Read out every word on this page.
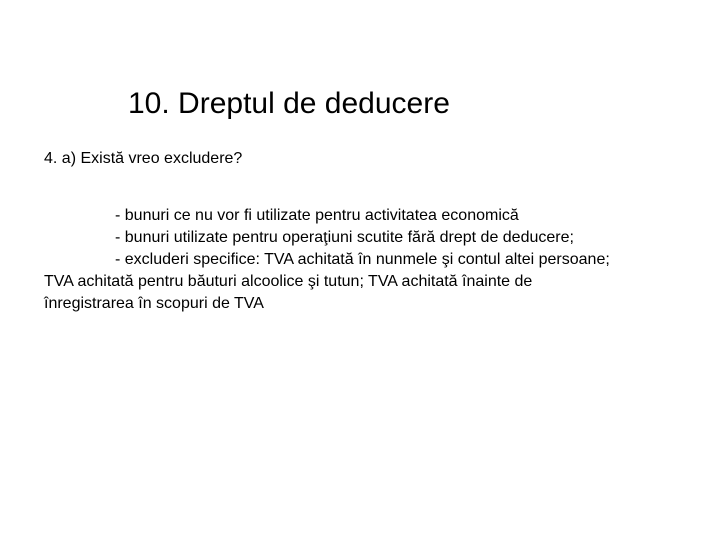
10. Dreptul de deducere
4. a) Există vreo excludere?
- bunuri ce nu vor fi utilizate pentru activitatea economică
- bunuri utilizate pentru operaţiuni scutite fără drept de deducere;
- excluderi specifice: TVA achitată în nunmele şi contul altei persoane;
TVA achitată pentru băuturi alcoolice şi tutun; TVA achitată înainte de
înregistrarea în scopuri de TVA
